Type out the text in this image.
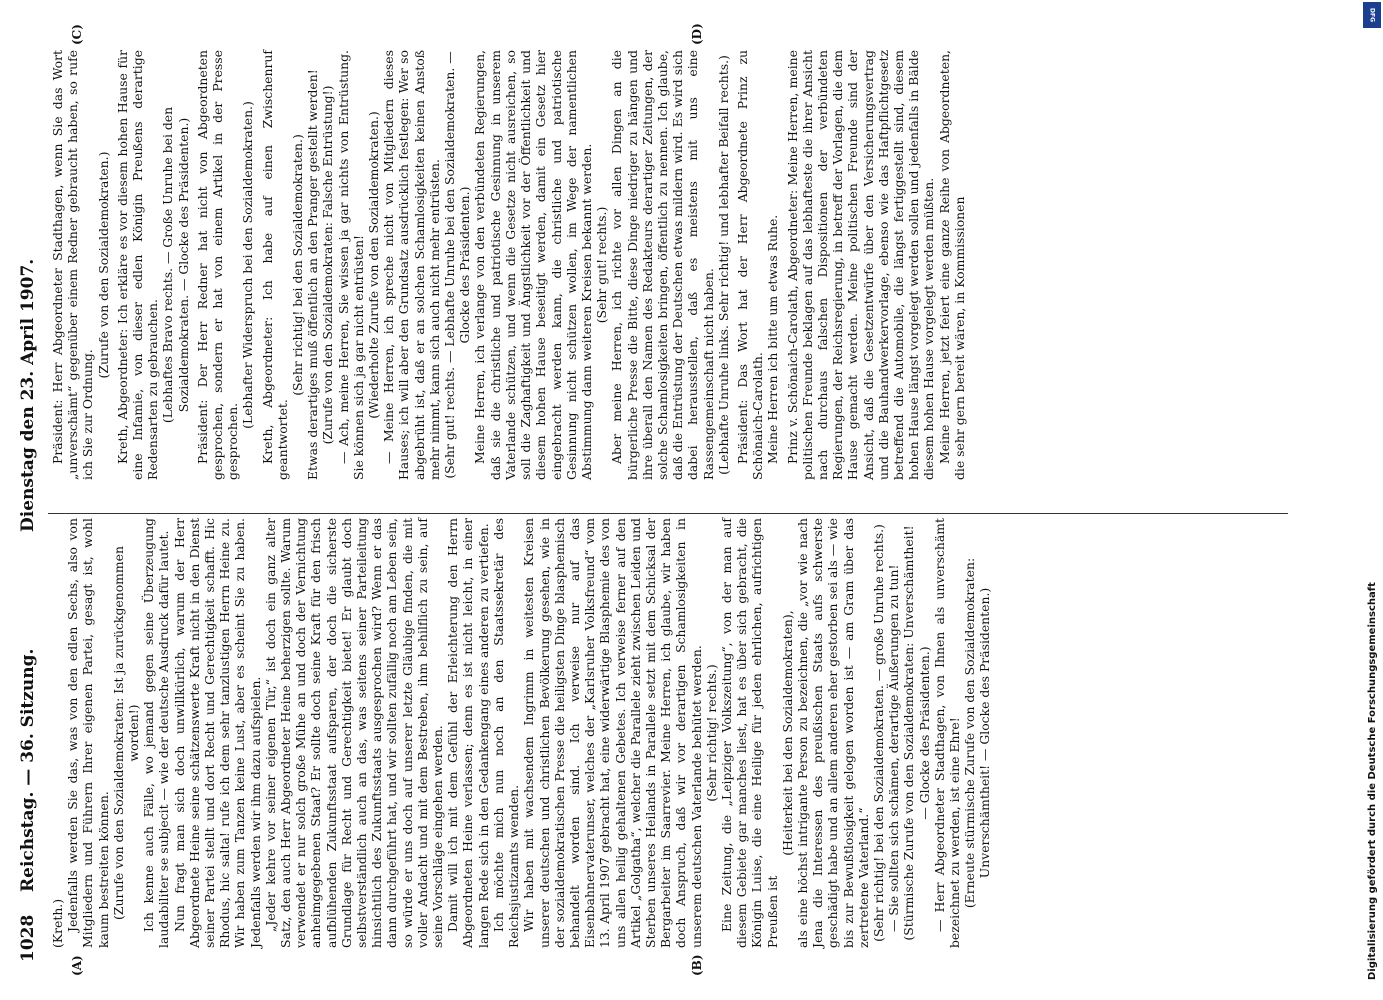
1028
Reichstag. — 36. Sitzung.
Dienstag den 23. April 1907.
(A)	(B)
(C)	(D)

(Kreth.) Jedenfalls werden Sie das, was von den edlen Sechs, also von Mitgliedern und Führern Ihrer eigenen Partei, gesagt ist, wohl kaum bestreiten können. (Zurufe von den Sozialdemokraten: Ist ja zurückgenommen worden!) Ich kenne auch Fälle, wo jemand gegen seine Überzeugung laudabiliter se subjecit — wie der deutsche Ausdruck dafür lautet. Nun fragt man sich doch unwillkürlich, warum der Herr Abgeordnete Heine seine schätzenswerte Kraft nicht in den Dienst seiner Partei stellt und dort Recht und Gerechtigkeit schafft. Hic Rhodus, hic salta! rufe ich dem sehr tanzlustigen Herrn Heine zu. Wir haben zum Tanzen keine Lust, aber es scheint Sie zu haben. Jedenfalls werden wir ihm dazu aufspielen. „Jeder kehre vor seiner eigenen Tür,“ ist doch ein ganz alter Satz, den auch Herr Abgeordneter Heine beherzigen sollte. Warum verwendet er nur solch große Mühe an und doch der Vernichtung anheimgegebenen Staat? Er sollte doch seine Kraft für den frisch aufblühenden Zukunftsstaat aufsparen, der doch die sicherste Grundlage für Recht und Gerechtigkeit bietet! Er glaubt doch selbstverständlich auch an das, was seitens seiner Parteileitung hinsichtlich des Zukunftsstaats ausgesprochen wird? Wenn er das dann durchgeführt hat, und wir sollten zufällig noch am Leben sein, so würde er uns doch auf unserer letzte Gläubige finden, die mit voller Andacht und mit dem Bestreben, ihm behilflich zu sein, auf seine Vorschläge eingehen werden. Damit will ich mit dem Gefühl der Erleichterung den Herrn Abgeordneten Heine verlassen; denn es ist nicht leicht, in einer langen Rede sich in den Gedankengang eines anderen zu vertiefen. Ich möchte mich nun noch an den Staatssekretär des Reichsjustizamts wenden. Wir haben mit wachsendem Ingrimm in weitesten Kreisen unserer deutschen und christlichen Bevölkerung gesehen, wie in der sozialdemokratischen Presse die heiligsten Dinge blasphemisch behandelt worden sind. Ich verweise nur auf das Eisenbahnervaterunser, welches der „Karlsruher Volksfreund“ vom 13. April 1907 gebracht hat, eine widerwärtige Blasphemie des von uns allen heilig gehaltenen Gebetes. Ich verweise ferner auf den Artikel „Golgatha“, welcher die Parallele zieht zwischen Leiden und Sterben unseres Heilands in Parallele setzt mit dem Schicksal der Bergarbeiter im Saarrevier. Meine Herren, ich glaube, wir haben doch Anspruch, daß wir vor derartigen Schamlosigkeiten in unserem deutschen Vaterlande behütet werden. (Sehr richtig! rechts.) Eine Zeitung, die „Leipziger Volkszeitung“, von der man auf diesem Gebiete gar manches liest, hat es über sich gebracht, die Königin Luise, die eine Heilige für jeden ehrlichen, aufrichtigen Preußen ist

(Heiterkeit bei den Sozialdemokraten), als eine höchst intrigante Person zu bezeichnen, die „vor wie nach Jena die Interessen des preußischen Staats aufs schwerste geschädigt habe und an allem anderen eher gestorben sei als — wie bis zur Bewußtlosigkeit gelogen worden ist — am Gram über das zertretene Vaterland.“ (Sehr richtig! bei den Sozialdemokraten. — große Unruhe rechts.) — Sie sollten sich schämen, derartige Äußerungen zu tun! (Stürmische Zurufe von den Sozialdemokraten: Unverschämtheit! — Glocke des Präsidenten.) — Herr Abgeordneter Stadthagen, von Ihnen als unverschämt bezeichnet zu werden, ist eine Ehre! (Erneute stürmische Zurufe von den Sozialdemokraten: Unverschämtheit! — Glocke des Präsidenten.)

Präsident: Herr Abgeordneter Stadthagen, wenn Sie das Wort „unverschämt“ gegenüber einem Redner gebraucht haben, so rufe ich Sie zur Ordnung.

(Zurufe von den Sozialdemokraten.) Kreth, Abgeordneter: Ich erkläre es vor diesem hohen Hause für eine Infamie, von dieser edlen Königin Preußens derartige Redensarten zu gebrauchen. (Lebhaftes Bravo rechts. — Große Unruhe bei den Sozialdemokraten. — Glocke des Präsidenten.) Präsident: Der Herr Redner hat nicht von Abgeordneten gesprochen, sondern er hat von einem Artikel in der Presse gesprochen.

(Lebhafter Widerspruch bei den Sozialdemokraten.) Kreth, Abgeordneter: Ich habe auf einen Zwischenruf geantwortet.

(Sehr richtig! bei den Sozialdemokraten.) Etwas derartiges muß öffentlich an den Pranger gestellt werden! (Zurufe von den Sozialdemokraten: Falsche Entrüstung!) — Ach, meine Herren, Sie wissen ja gar nichts von Entrüstung. Sie können sich ja gar nicht entrüsten! (Wiederholte Zurufe von den Sozialdemokraten.) — Meine Herren, ich spreche nicht von Mitgliedern dieses Hauses; ich will aber den Grundsatz ausdrücklich festlegen: Wer so abgebrüht ist, daß er an solchen Schamlosigkeiten keinen Anstoß mehr nimmt, kann sich auch nicht mehr entrüsten. (Sehr gut! rechts. — Lebhafte Unruhe bei den Sozialdemokraten. — Glocke des Präsidenten.) Meine Herren, ich verlange von den verbündeten Regierungen, daß sie die christliche und patriotische Gesinnung in unserem Vaterlande schützen, und wenn die Gesetze nicht ausreichen, so soll die Zaghaftigkeit und Ängstlichkeit vor der Öffentlichkeit und diesem hohen Hause beseitigt werden, damit ein Gesetz hier eingebracht werden kann, die christliche und patriotische Gesinnung nicht schützen wollen, im Wege der namentlichen Abstimmung dann weiteren Kreisen bekannt werden. (Sehr gut! rechts.) Aber meine Herren, ich richte vor allen Dingen an die bürgerliche Presse die Bitte, diese Dinge niedriger zu hängen und ihre überall den Namen des Redakteurs derartiger Zeitungen, der solche Schamlosigkeiten bringen, öffentlich zu nennen. Ich glaube, daß die Entrüstung der Deutschen etwas mildern wird. Es wird sich dabei herausstellen, daß es meistens mit uns eine Rassengemeinschaft nicht haben. (Lebhafte Unruhe links. Sehr richtig! und lebhafter Beifall rechts.) Präsident: Das Wort hat der Herr Abgeordnete Prinz zu Schönaich-Carolath. Meine Herren ich bitte um etwas Ruhe. Prinz v. Schönaich-Carolath, Abgeordneter: Meine Herren, meine politischen Freunde beklagen auf das lebhafteste die ihrer Ansicht nach durchaus falschen Dispositionen der verbündeten Regierungen, der Reichsregierung, in betreff der Vorlagen, die dem Hause gemacht werden. Meine politischen Freunde sind der Ansicht, daß die Gesetzentwürfe über den Versicherungsvertrag und die Bauhandwerkervorlage, ebenso wie das Haftpflichtgesetz betreffend die Automobile, die längst fertiggestellt sind, diesem hohen Hause längst vorgelegt werden sollen und jedenfalls in Bälde diesem hohen Hause vorgelegt werden müßten. Meine Herren, jetzt feiert eine ganze Reihe von Abgeordneten, die sehr gern bereit wären, in Kommissionen

DFG
Digitalisierung gefördert durch die Deutsche Forschungsgemeinschaft
